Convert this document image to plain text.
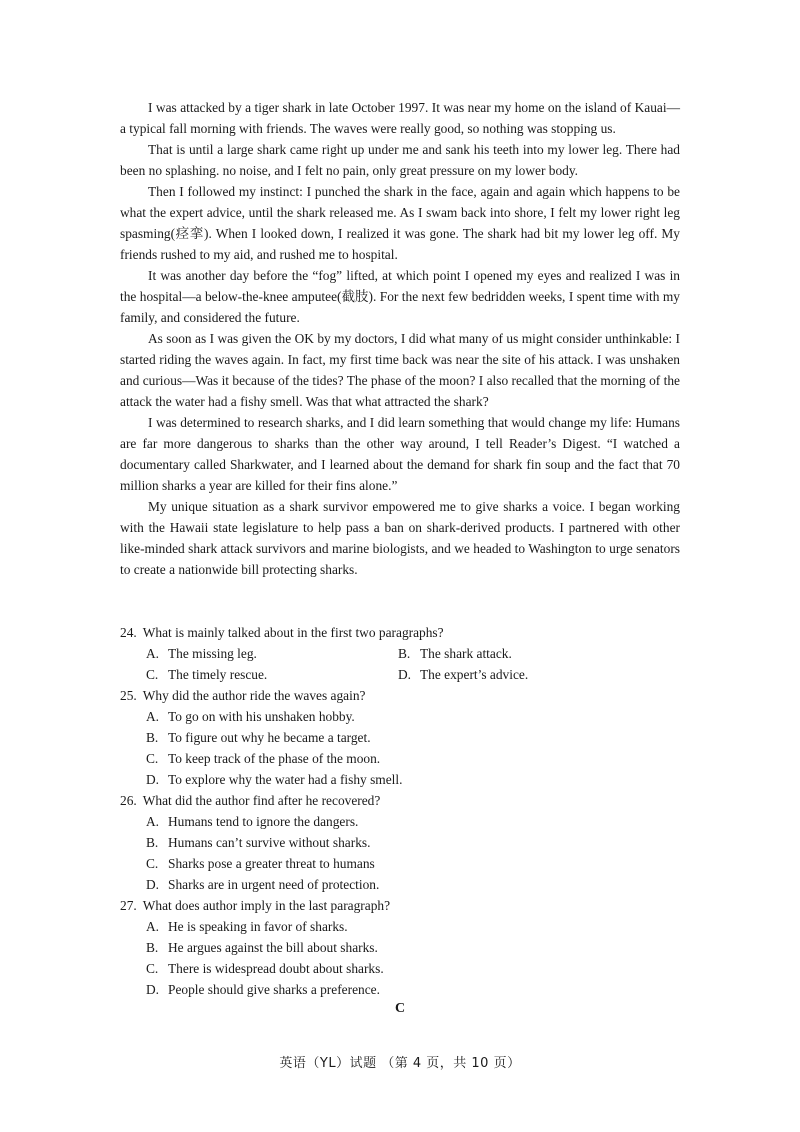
I was attacked by a tiger shark in late October 1997. It was near my home on the island of Kauai—a typical fall morning with friends. The waves were really good, so nothing was stopping us.

That is until a large shark came right up under me and sank his teeth into my lower leg. There had been no splashing. no noise, and I felt no pain, only great pressure on my lower body.

Then I followed my instinct: I punched the shark in the face, again and again which happens to be what the expert advice, until the shark released me. As I swam back into shore, I felt my lower right leg spasming(痉挛). When I looked down, I realized it was gone. The shark had bit my lower leg off. My friends rushed to my aid, and rushed me to hospital.

It was another day before the “fog” lifted, at which point I opened my eyes and realized I was in the hospital—a below-the-knee amputee(截肢). For the next few bedridden weeks, I spent time with my family, and considered the future.

As soon as I was given the OK by my doctors, I did what many of us might consider unthinkable: I started riding the waves again. In fact, my first time back was near the site of his attack. I was unshaken and curious—Was it because of the tides? The phase of the moon? I also recalled that the morning of the attack the water had a fishy smell. Was that what attracted the shark?

I was determined to research sharks, and I did learn something that would change my life: Humans are far more dangerous to sharks than the other way around, I tell Reader’s Digest. “I watched a documentary called Sharkwater, and I learned about the demand for shark fin soup and the fact that 70 million sharks a year are killed for their fins alone.”

My unique situation as a shark survivor empowered me to give sharks a voice. I began working with the Hawaii state legislature to help pass a ban on shark-derived products. I partnered with other like-minded shark attack survivors and marine biologists, and we headed to Washington to urge senators to create a nationwide bill protecting sharks.

24. What is mainly talked about in the first two paragraphs?
A. The missing leg.	B. The shark attack.
C. The timely rescue.	D. The expert’s advice.
25. Why did the author ride the waves again?
A. To go on with his unshaken hobby.
B. To figure out why he became a target.
C. To keep track of the phase of the moon.
D. To explore why the water had a fishy smell.
26. What did the author find after he recovered?
A. Humans tend to ignore the dangers.
B. Humans can’t survive without sharks.
C. Sharks pose a greater threat to humans
D. Sharks are in urgent need of protection.
27. What does author imply in the last paragraph?
A. He is speaking in favor of sharks.
B. He argues against the bill about sharks.
C. There is widespread doubt about sharks.
D. People should give sharks a preference.
C
英语（YL）试题 （第 4 页，共 10 页）
